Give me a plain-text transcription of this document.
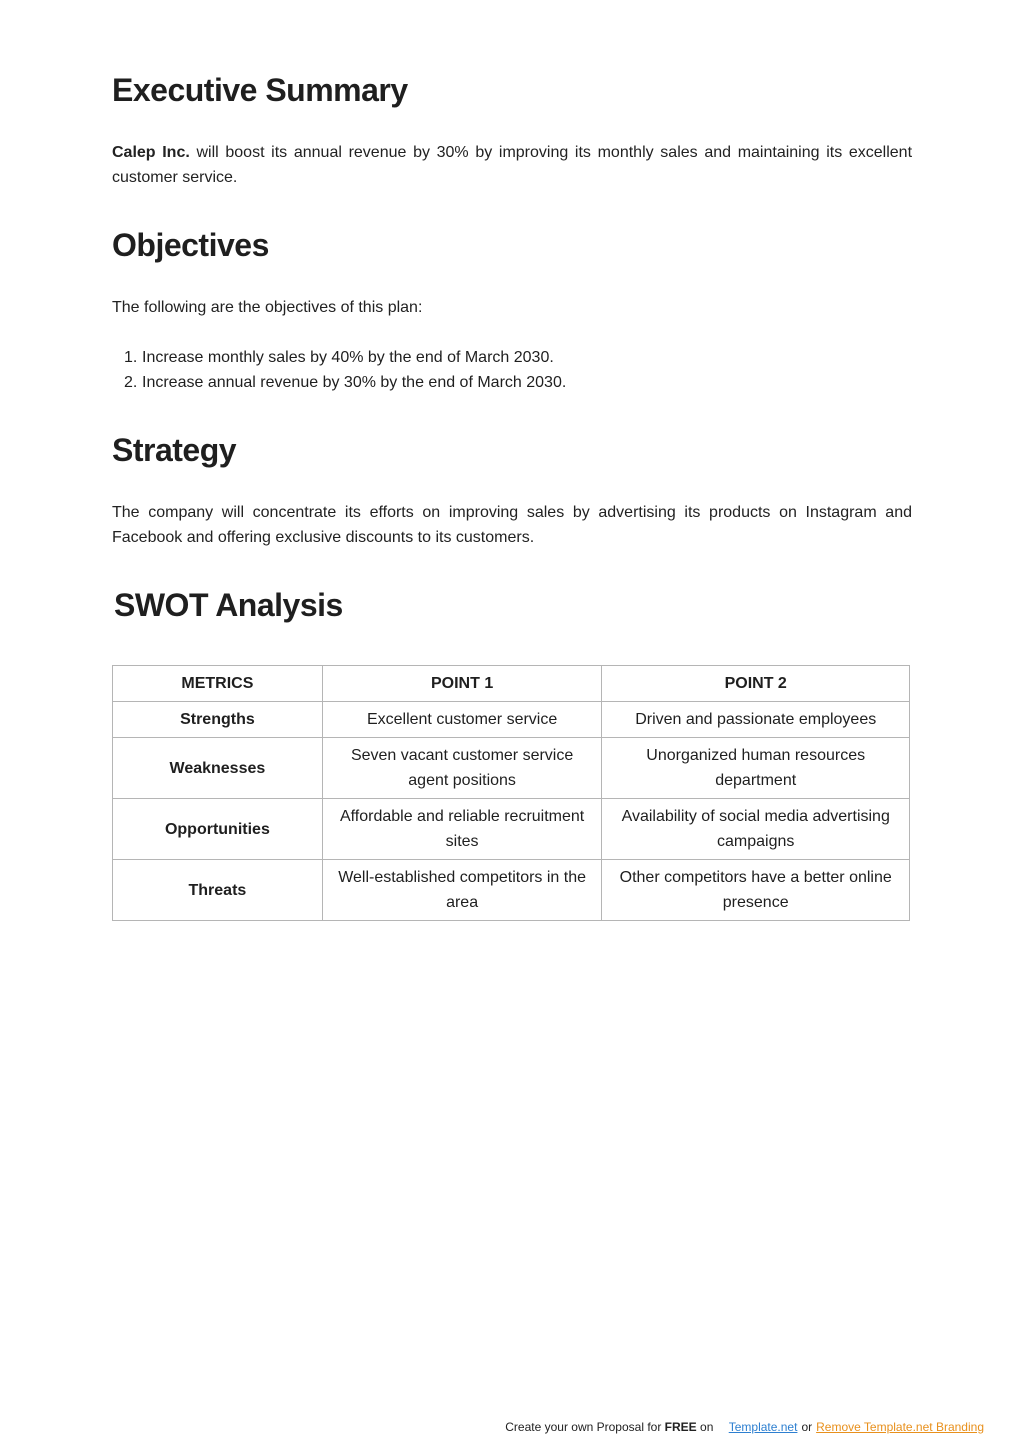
Executive Summary

Calep Inc. will boost its annual revenue by 30% by improving its monthly sales and maintaining its excellent customer service.

Objectives

The following are the objectives of this plan:

1. Increase monthly sales by 40% by the end of March 2030.
2. Increase annual revenue by 30% by the end of March 2030.
Strategy

The company will concentrate its efforts on improving sales by advertising its products on Instagram and Facebook and offering exclusive discounts to its customers.

SWOT Analysis
METRICS	POINT 1	POINT 2
Strengths	Excellent customer service	Driven and passionate employees
Weaknesses	Seven vacant customer service agent positions	Unorganized human resources department
Opportunities	Affordable and reliable recruitment sites	Availability of social media advertising campaigns
Threats	Well-established competitors in the area	Other competitors have a better online presence
Create your own Proposal for FREE on Template.net or Remove Template.net Branding
